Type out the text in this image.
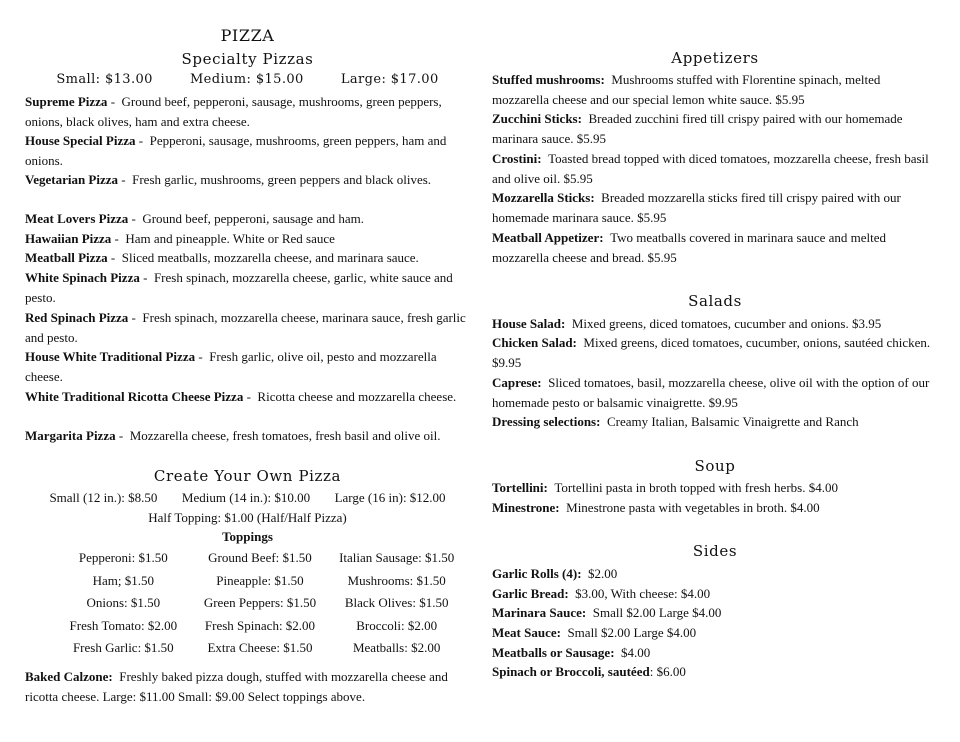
PIZZA
Specialty Pizzas
Small: $13.00	Medium: $15.00	Large: $17.00
Supreme Pizza -  Ground beef, pepperoni, sausage, mushrooms, green peppers, onions, black olives, ham and extra cheese.
House Special Pizza -  Pepperoni, sausage, mushrooms, green peppers, ham and onions.
Vegetarian Pizza -  Fresh garlic, mushrooms, green peppers and black olives.
Meat Lovers Pizza -  Ground beef, pepperoni, sausage and ham.
Hawaiian Pizza -  Ham and pineapple. White or Red sauce
Meatball Pizza -  Sliced meatballs, mozzarella cheese, and marinara sauce.
White Spinach Pizza -  Fresh spinach, mozzarella cheese, garlic, white sauce and pesto.
Red Spinach Pizza -  Fresh spinach, mozzarella cheese, marinara sauce, fresh garlic and pesto.
House White Traditional Pizza -  Fresh garlic, olive oil, pesto and mozzarella cheese.
White Traditional Ricotta Cheese Pizza -  Ricotta cheese and mozzarella cheese.
Margarita Pizza -  Mozzarella cheese, fresh tomatoes, fresh basil and olive oil.
Create Your Own Pizza
Small (12 in.): $8.50 Medium (14 in.): $10.00 Large (16 in): $12.00
Half Topping: $1.00 (Half/Half Pizza)
Toppings
Pepperoni: $1.50	Ground Beef: $1.50	Italian Sausage: $1.50
Ham; $1.50	Pineapple: $1.50	Mushrooms: $1.50
Onions: $1.50	Green Peppers: $1.50	Black Olives: $1.50
Fresh Tomato: $2.00	Fresh Spinach: $2.00	Broccoli: $2.00
Fresh Garlic: $1.50	Extra Cheese: $1.50	Meatballs: $2.00
Baked Calzone: Freshly baked pizza dough, stuffed with mozzarella cheese and ricotta cheese. Large: $11.00 Small: $9.00 Select toppings above.
Appetizers
Stuffed mushrooms: Mushrooms stuffed with Florentine spinach, melted mozzarella cheese and our special lemon white sauce. $5.95
Zucchini Sticks: Breaded zucchini fired till crispy paired with our homemade marinara sauce. $5.95
Crostini: Toasted bread topped with diced tomatoes, mozzarella cheese, fresh basil and olive oil. $5.95
Mozzarella Sticks: Breaded mozzarella sticks fired till crispy paired with our homemade marinara sauce. $5.95
Meatball Appetizer: Two meatballs covered in marinara sauce and melted mozzarella cheese and bread. $5.95
Salads
House Salad: Mixed greens, diced tomatoes, cucumber and onions. $3.95
Chicken Salad: Mixed greens, diced tomatoes, cucumber, onions, sautéed chicken. $9.95
Caprese: Sliced tomatoes, basil, mozzarella cheese, olive oil with the option of our homemade pesto or balsamic vinaigrette. $9.95
Dressing selections: Creamy Italian, Balsamic Vinaigrette and Ranch
Soup
Tortellini: Tortellini pasta in broth topped with fresh herbs. $4.00
Minestrone: Minestrone pasta with vegetables in broth. $4.00
Sides
Garlic Rolls (4): $2.00
Garlic Bread: $3.00, With cheese: $4.00
Marinara Sauce: Small $2.00 Large $4.00
Meat Sauce: Small $2.00 Large $4.00
Meatballs or Sausage: $4.00
Spinach or Broccoli, sautéed: $6.00
